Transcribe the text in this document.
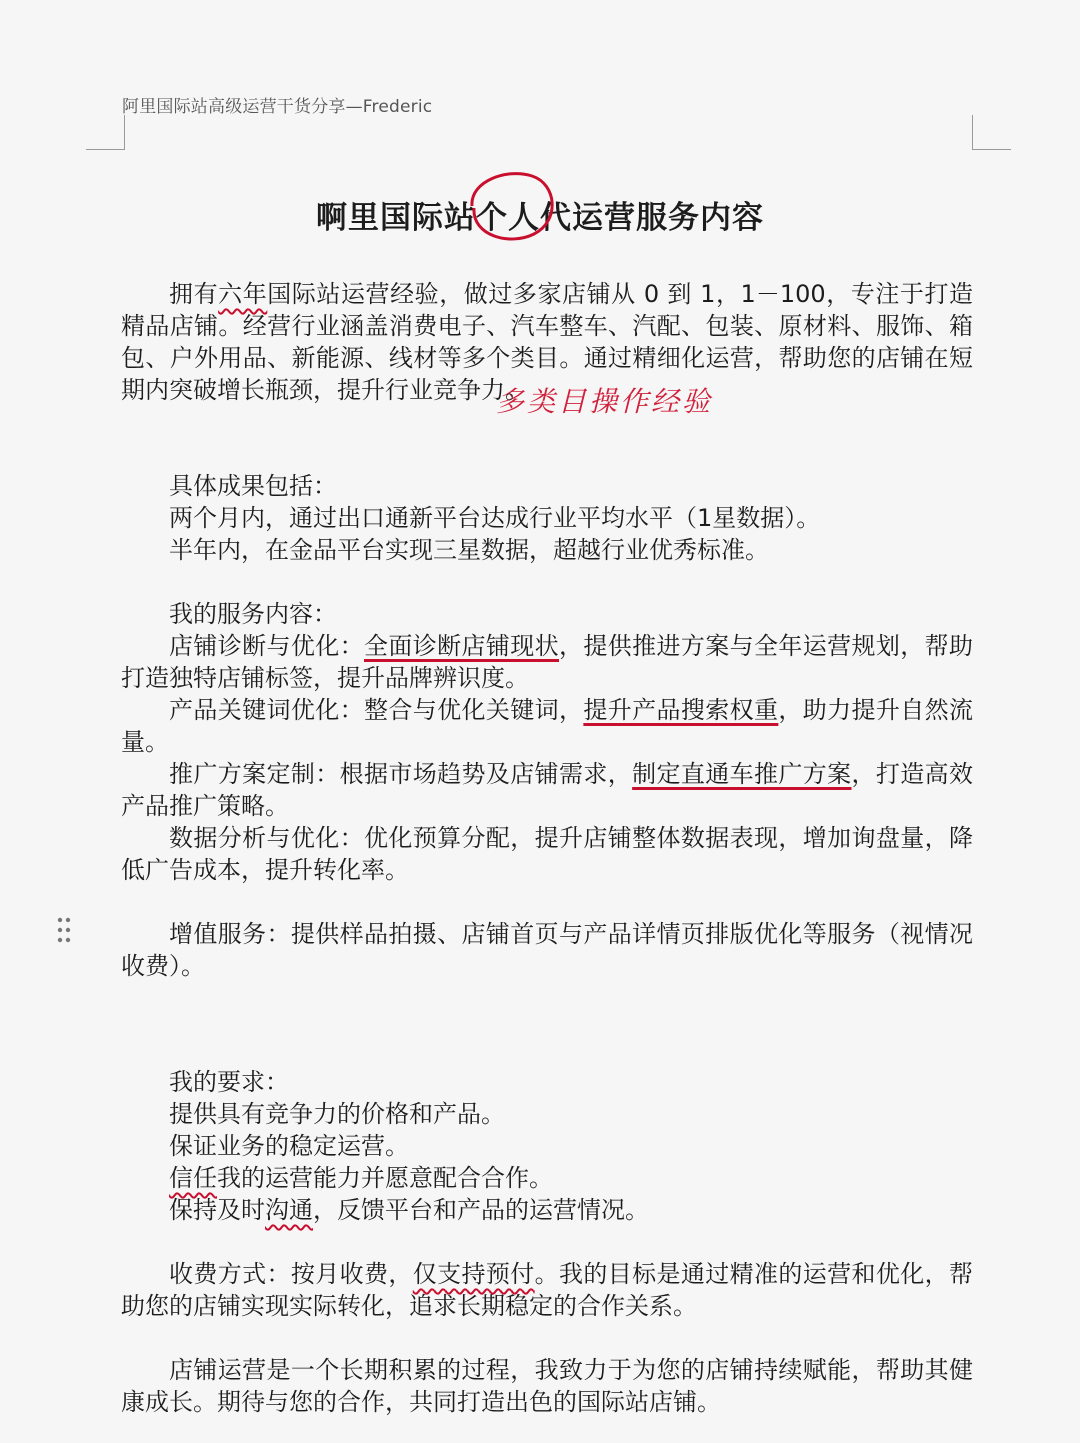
阿里国际站高级运营干货分享—Frederic
啊里国际站个人代运营服务内容
多类目操作经验

拥有六年国际站运营经验，做过多家店铺从 0 到 1，1－100，专注于打造精品店铺。经营行业涵盖消费电子、汽车整车、汽配、包装、原材料、服饰、箱包、户外用品、新能源、线材等多个类目。通过精细化运营，帮助您的店铺在短期内突破增长瓶颈，提升行业竞争力。

具体成果包括：

两个月内，通过出口通新平台达成行业平均水平（1星数据）。

半年内，在金品平台实现三星数据，超越行业优秀标准。

我的服务内容：

店铺诊断与优化：全面诊断店铺现状，提供推进方案与全年运营规划，帮助打造独特店铺标签，提升品牌辨识度。

产品关键词优化：整合与优化关键词，提升产品搜索权重，助力提升自然流量。

推广方案定制：根据市场趋势及店铺需求，制定直通车推广方案，打造高效产品推广策略。

数据分析与优化：优化预算分配，提升店铺整体数据表现，增加询盘量，降低广告成本，提升转化率。

增值服务：提供样品拍摄、店铺首页与产品详情页排版优化等服务（视情况收费）。

我的要求：

提供具有竞争力的价格和产品。

保证业务的稳定运营。

信任我的运营能力并愿意配合合作。

保持及时沟通，反馈平台和产品的运营情况。

收费方式：按月收费，仅支持预付。我的目标是通过精准的运营和优化，帮助您的店铺实现实际转化，追求长期稳定的合作关系。

店铺运营是一个长期积累的过程，我致力于为您的店铺持续赋能，帮助其健康成长。期待与您的合作，共同打造出色的国际站店铺。
